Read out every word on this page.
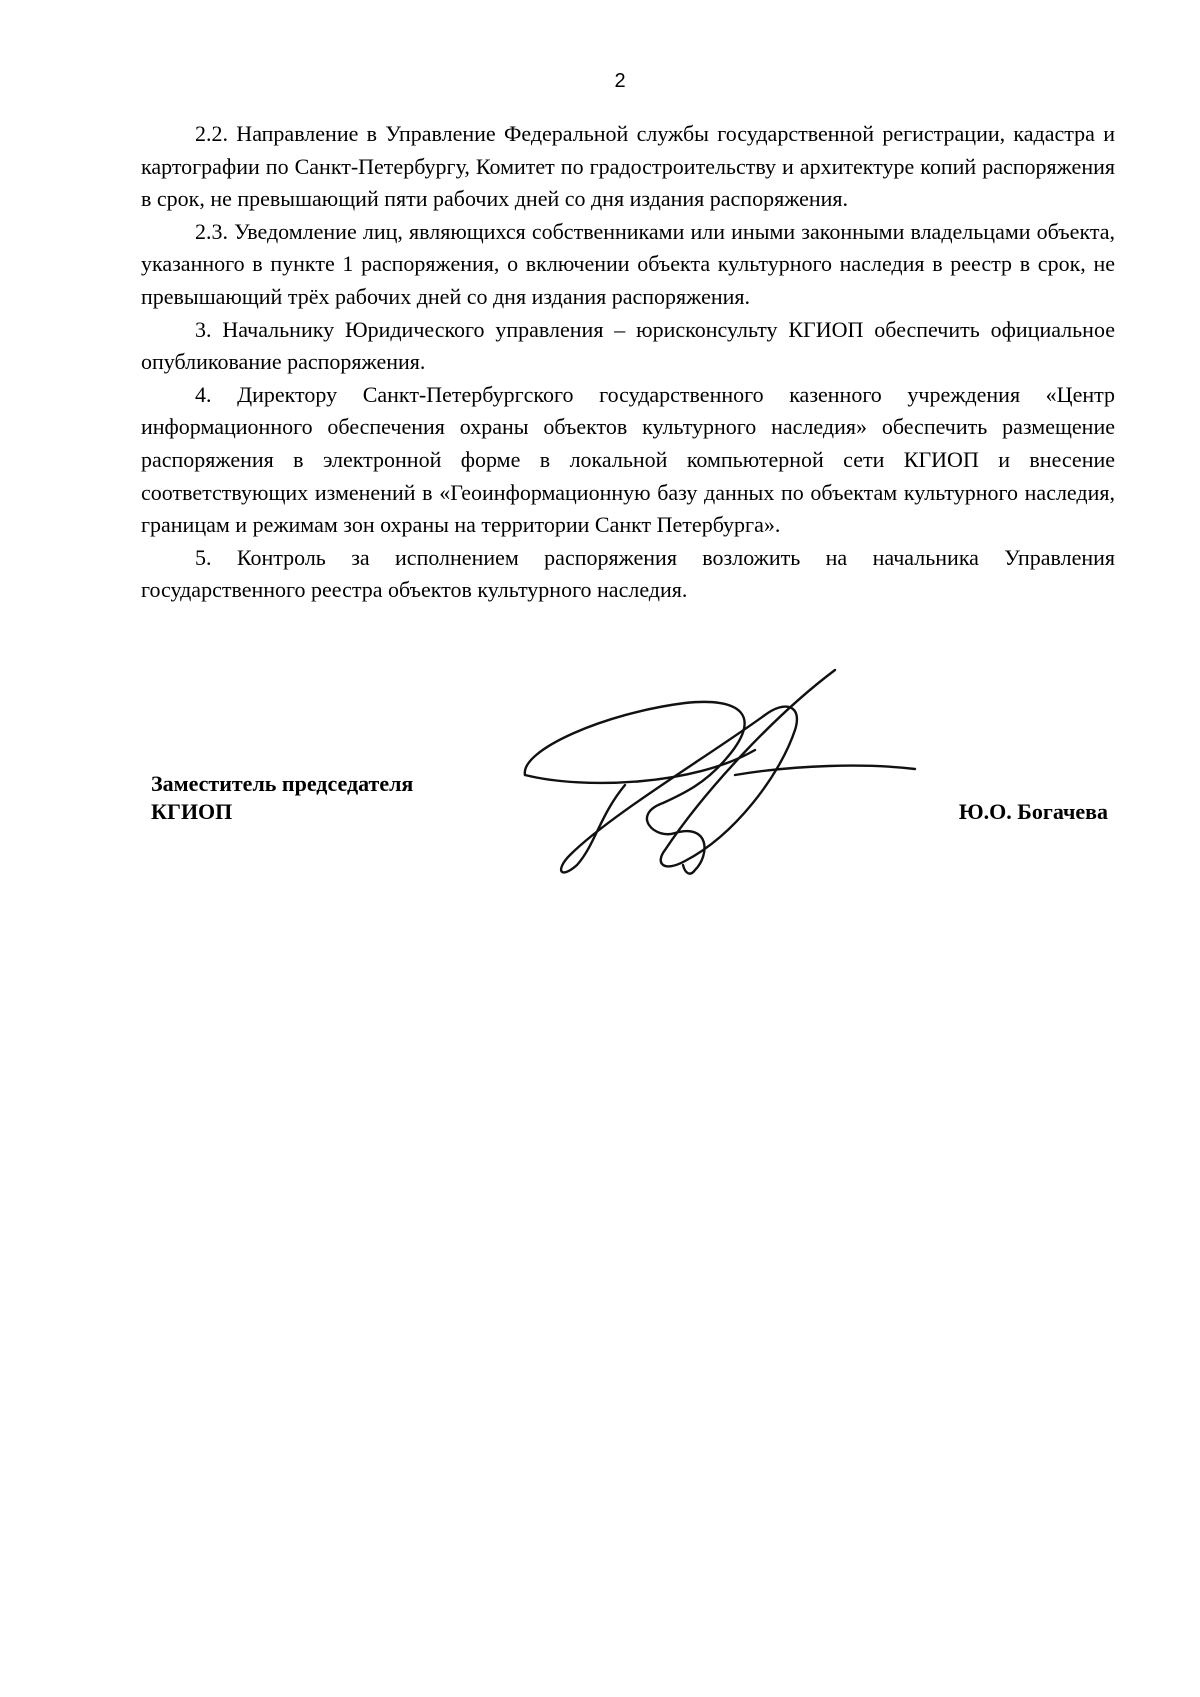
2

2.2. Направление в Управление Федеральной службы государственной регистрации, кадастра и картографии по Санкт-Петербургу, Комитет по градостроительству и архитектуре копий распоряжения в срок, не превышающий пяти рабочих дней со дня издания распоряжения.

2.3. Уведомление лиц, являющихся собственниками или иными законными владельцами объекта, указанного в пункте 1 распоряжения, о включении объекта культурного наследия в реестр в срок, не превышающий трёх рабочих дней со дня издания распоряжения.

3. Начальнику Юридического управления – юрисконсульту КГИОП обеспечить официальное опубликование распоряжения.

4. Директору Санкт-Петербургского государственного казенного учреждения «Центр информационного обеспечения охраны объектов культурного наследия» обеспечить размещение распоряжения в электронной форме в локальной компьютерной сети КГИОП и внесение соответствующих изменений в «Геоинформационную базу данных по объектам культурного наследия, границам и режимам зон охраны на территории Санкт Петербурга».

5. Контроль за исполнением распоряжения возложить на начальника Управления государственного реестра объектов культурного наследия.

Заместитель председателя
КГИОП	Ю.О. Богачева
